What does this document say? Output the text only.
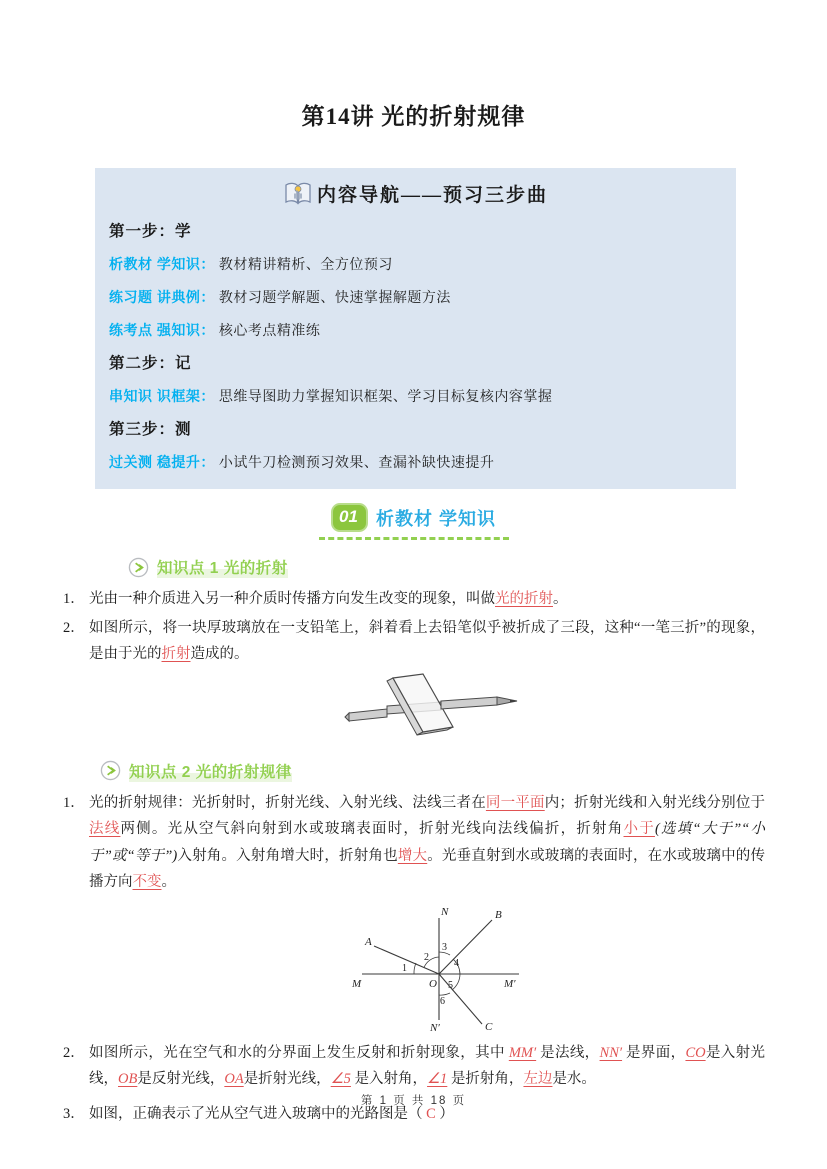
第14讲 光的折射规律
内容导航——预习三步曲
第一步：学
析教材 学知识： 教材精讲精析、全方位预习
练习题 讲典例： 教材习题学解题、快速掌握解题方法
练考点 强知识： 核心考点精准练
第二步：记
串知识 识框架： 思维导图助力掌握知识框架、学习目标复核内容掌握
第三步：测
过关测 稳提升： 小试牛刀检测预习效果、查漏补缺快速提升
01	析教材 学知识
知识点 1 光的折射
1． 光由一种介质进入另一种介质时传播方向发生改变的现象，叫做光的折射。
2． 如图所示，将一块厚玻璃放在一支铅笔上，斜着看上去铅笔似乎被折成了三段，这种“一笔三折”的现象，是由于光的折射造成的。
知识点 2 光的折射规律
1． 光的折射规律：光折射时，折射光线、入射光线、法线三者在同一平面内；折射光线和入射光线分别位于法线两侧。光从空气斜向射到水或玻璃表面时，折射光线向法线偏折，折射角小于(选填“大于”“小于”或“等于”)入射角。入射角增大时，折射角也增大。光垂直射到水或玻璃的表面时，在水或玻璃中的传播方向不变。
N	B
A
M	O	M′
N′	C
1
2
3
4
5
6
2． 如图所示，光在空气和水的分界面上发生反射和折射现象，其中 MM′ 是法线，NN′ 是界面，CO是入射光线，OB是反射光线，OA是折射光线，∠5 是入射角，∠1 是折射角，左边是水。
3． 如图，正确表示了光从空气进入玻璃中的光路图是（ C ）
第 1 页 共 18 页
